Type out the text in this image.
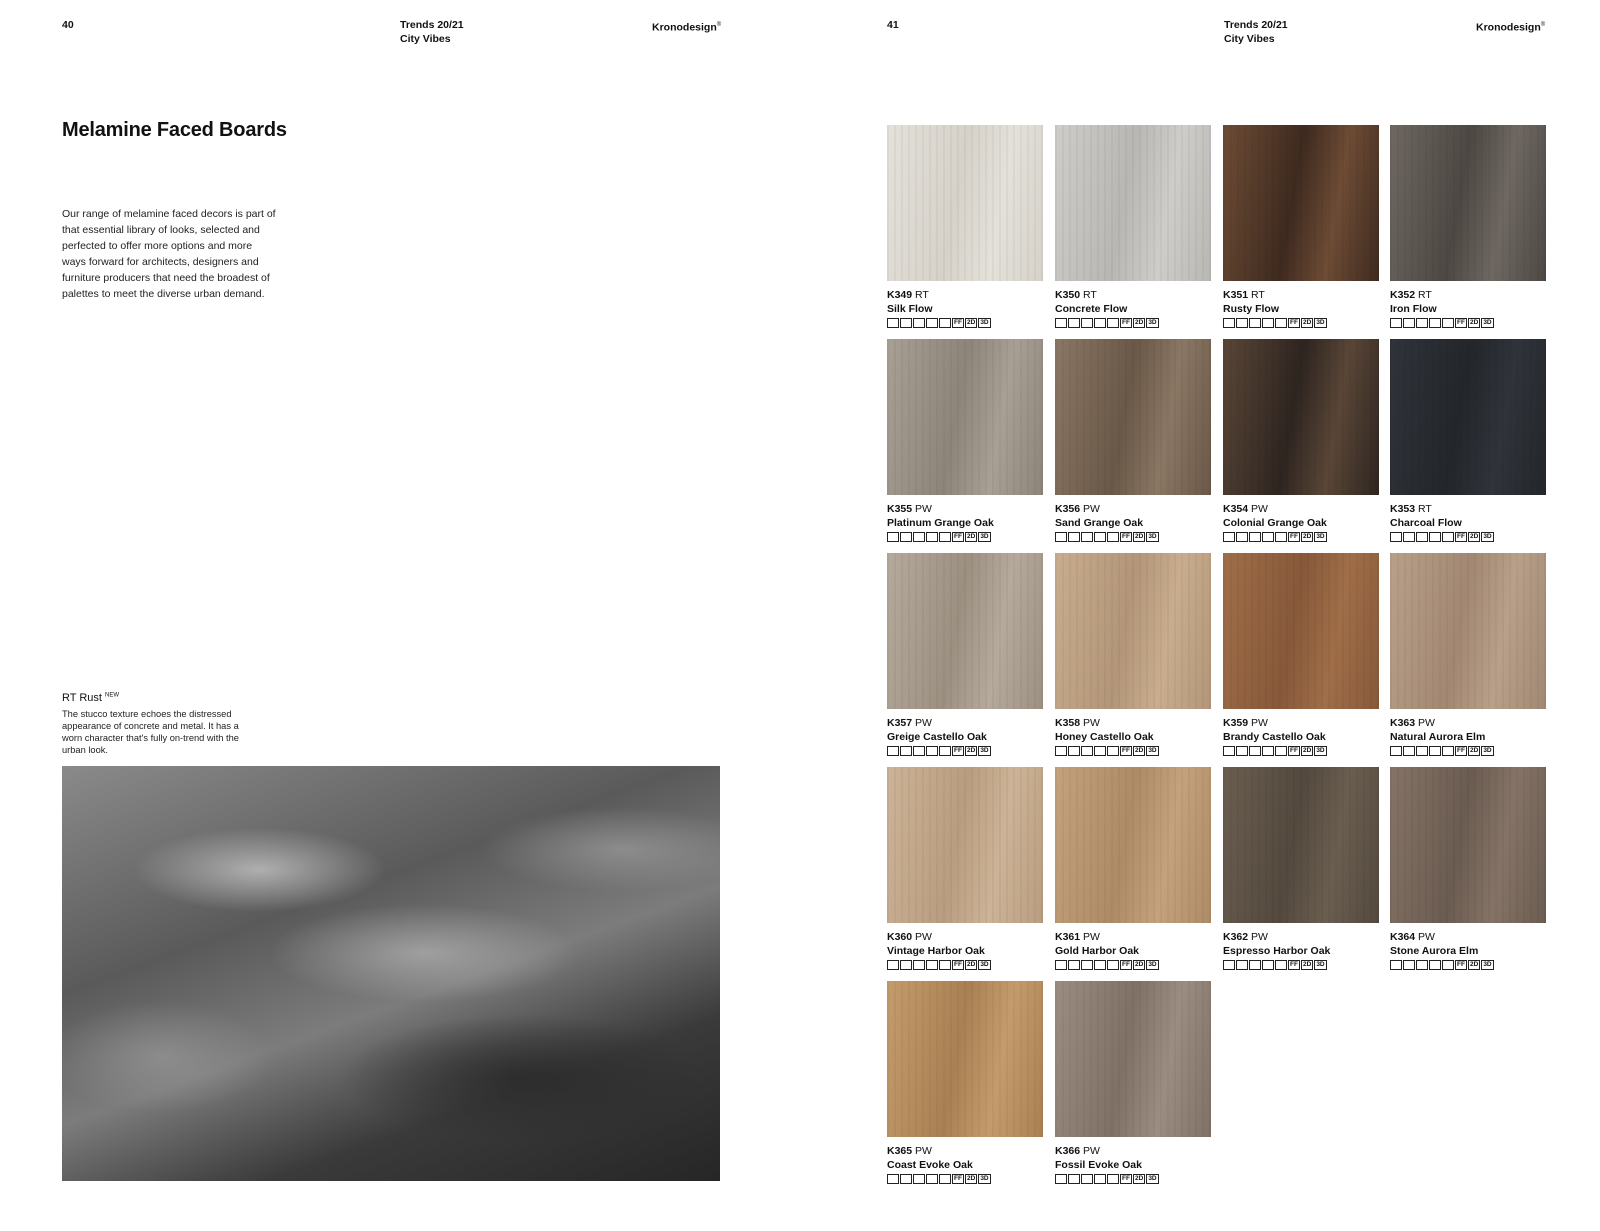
40	Trends 20/21
City Vibes
Kronodesign®	41	Trends 20/21
City Vibes
Kronodesign®
Melamine Faced Boards
Our range of melamine faced decors is part of that essential library of looks, selected and perfected to offer more options and more ways forward for architects, designers and furniture producers that need the broadest of palettes to meet the diverse urban demand.
RT Rust $^{NEW}$
The stucco texture echoes the distressed appearance of concrete and metal. It has a worn character that's fully on-trend with the urban look.
K349 RT
Silk Flow
FF 2D 3D
K350 RT
Concrete Flow
FF 2D 3D
K351 RT
Rusty Flow
FF 2D 3D
K352 RT
Iron Flow
FF 2D 3D
K355 PW
Platinum Grange Oak
FF 2D 3D
K356 PW
Sand Grange Oak
FF 2D 3D
K354 PW
Colonial Grange Oak
FF 2D 3D
K353 RT
Charcoal Flow
FF 2D 3D
K357 PW
Greige Castello Oak
FF 2D 3D
K358 PW
Honey Castello Oak
FF 2D 3D
K359 PW
Brandy Castello Oak
FF 2D 3D
K363 PW
Natural Aurora Elm
FF 2D 3D
K360 PW
Vintage Harbor Oak
FF 2D 3D
K361 PW
Gold Harbor Oak
FF 2D 3D
K362 PW
Espresso Harbor Oak
FF 2D 3D
K364 PW
Stone Aurora Elm
FF 2D 3D
K365 PW
Coast Evoke Oak
FF 2D 3D
K366 PW
Fossil Evoke Oak
FF 2D 3D
